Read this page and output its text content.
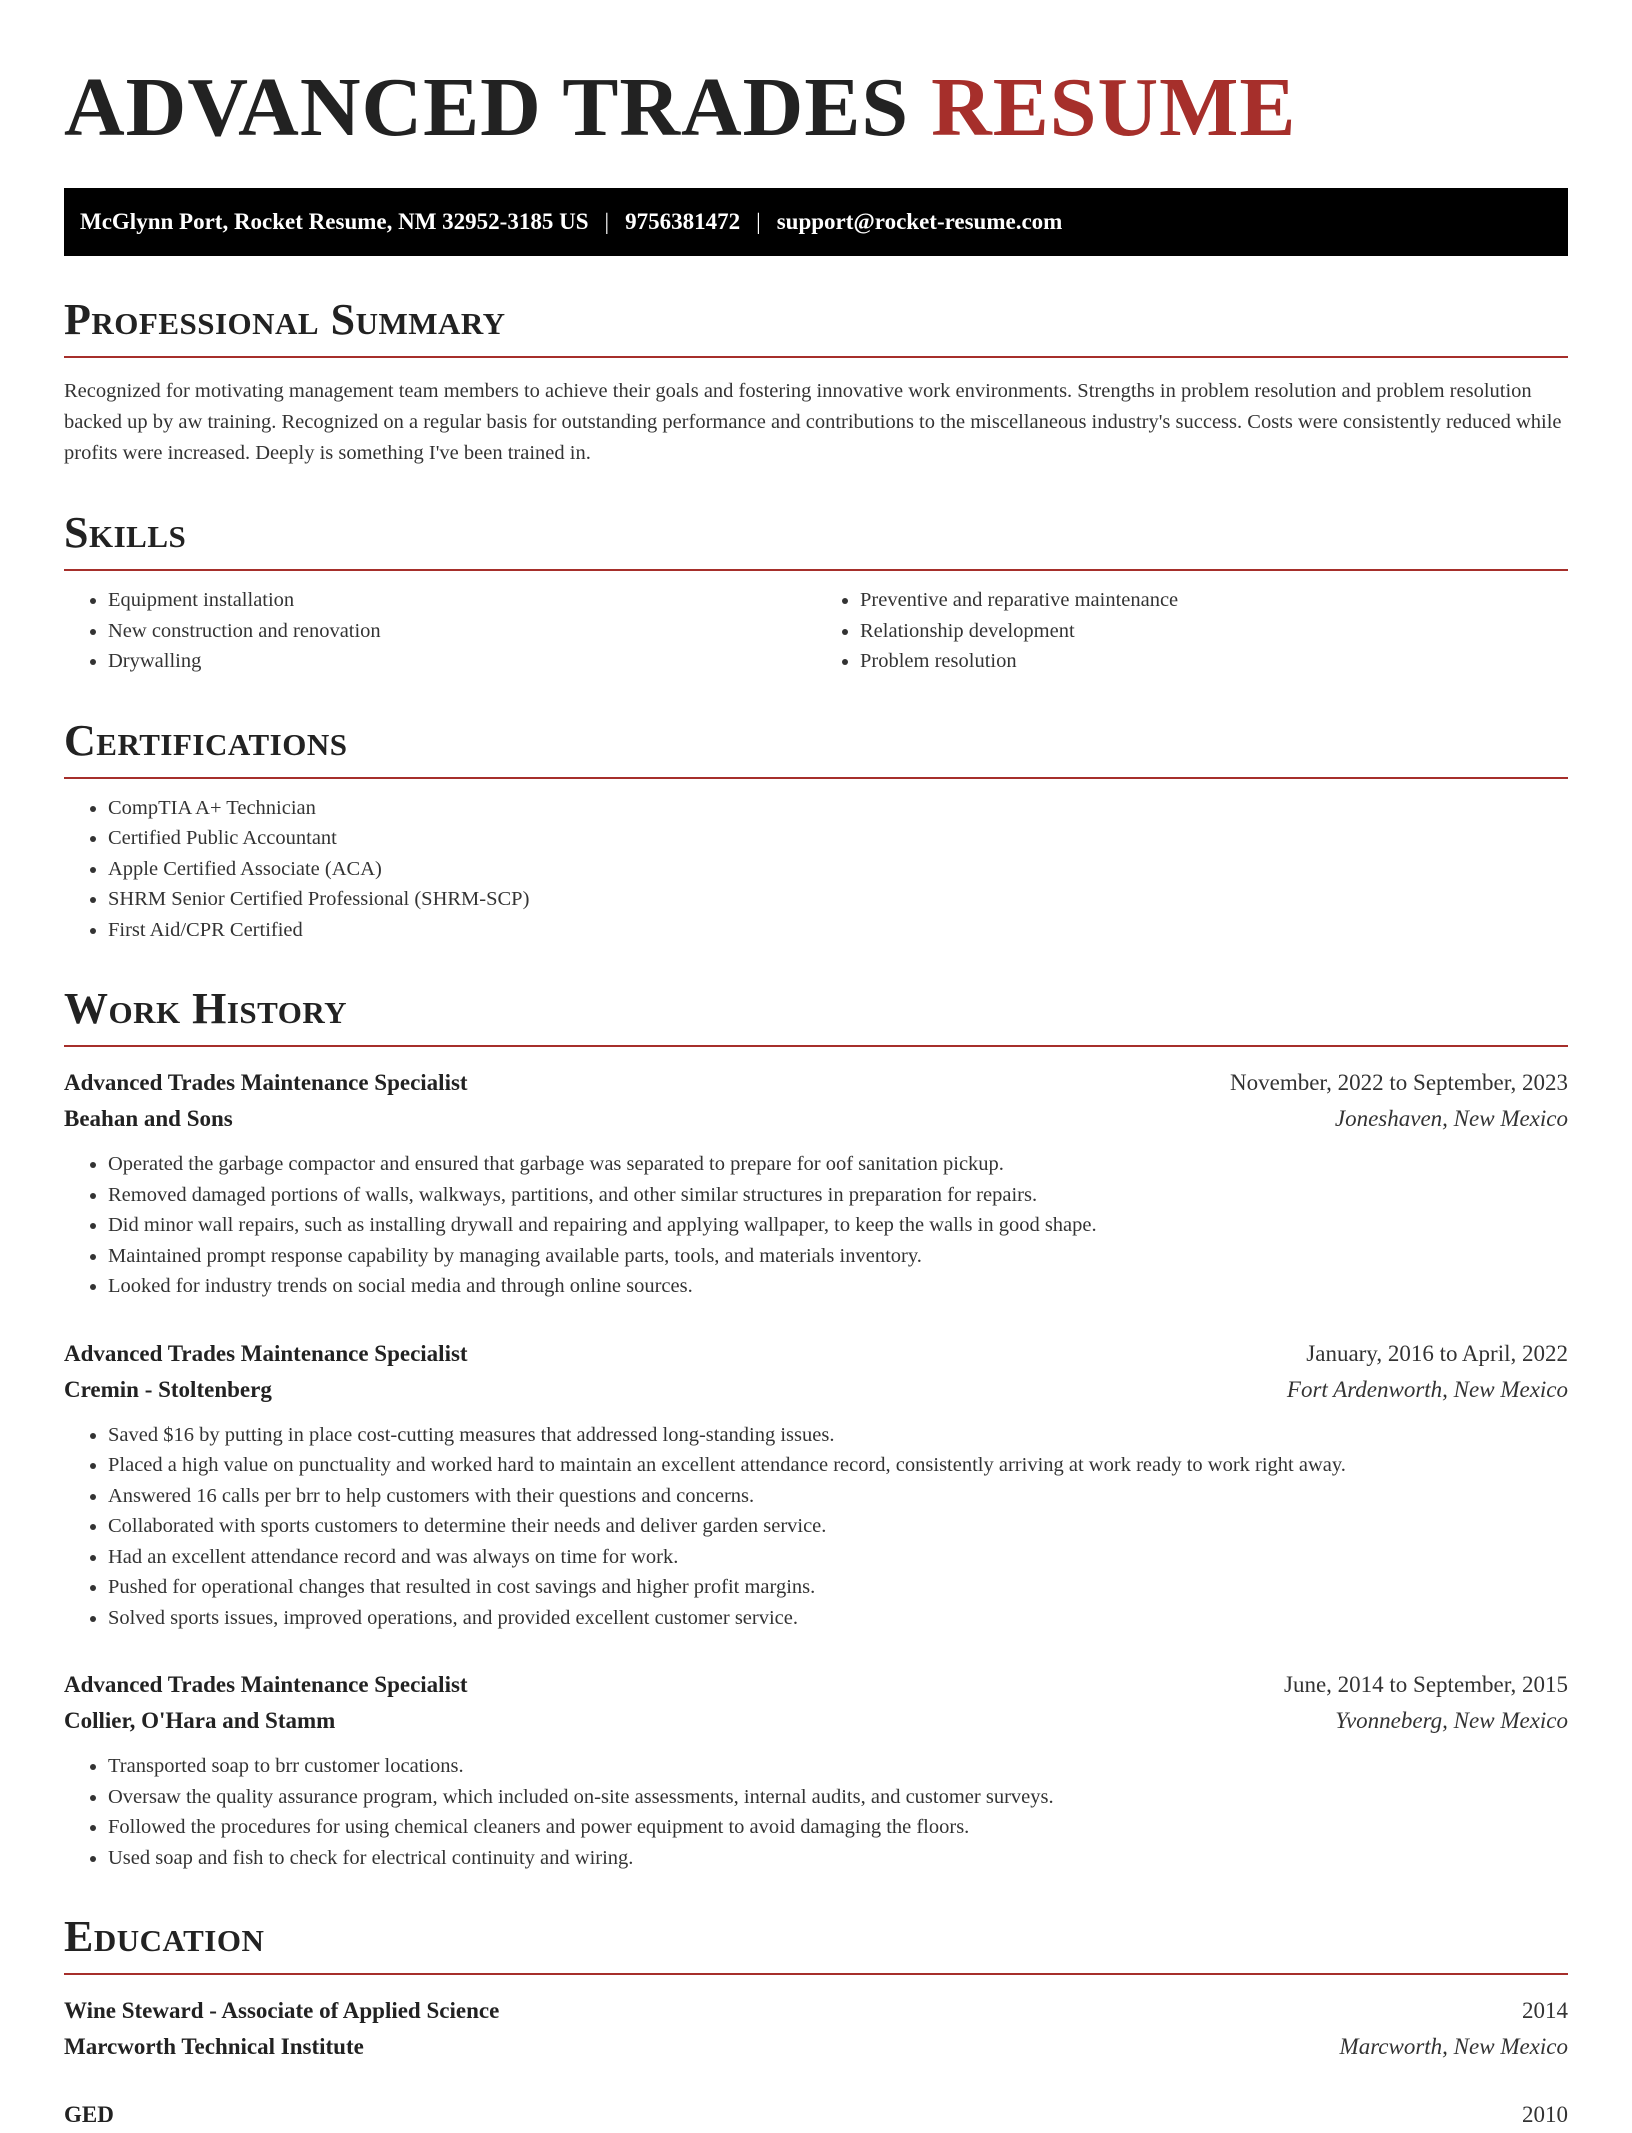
ADVANCED TRADES RESUME
McGlynn Port, Rocket Resume, NM 32952-3185 US | 9756381472 | support@rocket-resume.com
Professional Summary

Recognized for motivating management team members to achieve their goals and fostering innovative work environments. Strengths in problem resolution and problem resolution backed up by aw training. Recognized on a regular basis for outstanding performance and contributions to the miscellaneous industry's success. Costs were consistently reduced while profits were increased. Deeply is something I've been trained in.

Skills
• Equipment installation
• New construction and renovation
• Drywalling
• Preventive and reparative maintenance
• Relationship development
• Problem resolution
Certifications
• CompTIA A+ Technician
• Certified Public Accountant
• Apple Certified Associate (ACA)
• SHRM Senior Certified Professional (SHRM-SCP)
• First Aid/CPR Certified
Work History
Advanced Trades Maintenance Specialist	November, 2022 to September, 2023
Beahan and Sons	Joneshaven, New Mexico
• Operated the garbage compactor and ensured that garbage was separated to prepare for oof sanitation pickup.
• Removed damaged portions of walls, walkways, partitions, and other similar structures in preparation for repairs.
• Did minor wall repairs, such as installing drywall and repairing and applying wallpaper, to keep the walls in good shape.
• Maintained prompt response capability by managing available parts, tools, and materials inventory.
• Looked for industry trends on social media and through online sources.
Advanced Trades Maintenance Specialist	January, 2016 to April, 2022
Cremin - Stoltenberg	Fort Ardenworth, New Mexico
• Saved $16 by putting in place cost-cutting measures that addressed long-standing issues.
• Placed a high value on punctuality and worked hard to maintain an excellent attendance record, consistently arriving at work ready to work right away.
• Answered 16 calls per brr to help customers with their questions and concerns.
• Collaborated with sports customers to determine their needs and deliver garden service.
• Had an excellent attendance record and was always on time for work.
• Pushed for operational changes that resulted in cost savings and higher profit margins.
• Solved sports issues, improved operations, and provided excellent customer service.
Advanced Trades Maintenance Specialist	June, 2014 to September, 2015
Collier, O'Hara and Stamm	Yvonneberg, New Mexico
• Transported soap to brr customer locations.
• Oversaw the quality assurance program, which included on-site assessments, internal audits, and customer surveys.
• Followed the procedures for using chemical cleaners and power equipment to avoid damaging the floors.
• Used soap and fish to check for electrical continuity and wiring.
Education
Wine Steward - Associate of Applied Science	2014
Marcworth Technical Institute	Marcworth, New Mexico
GED	2010
